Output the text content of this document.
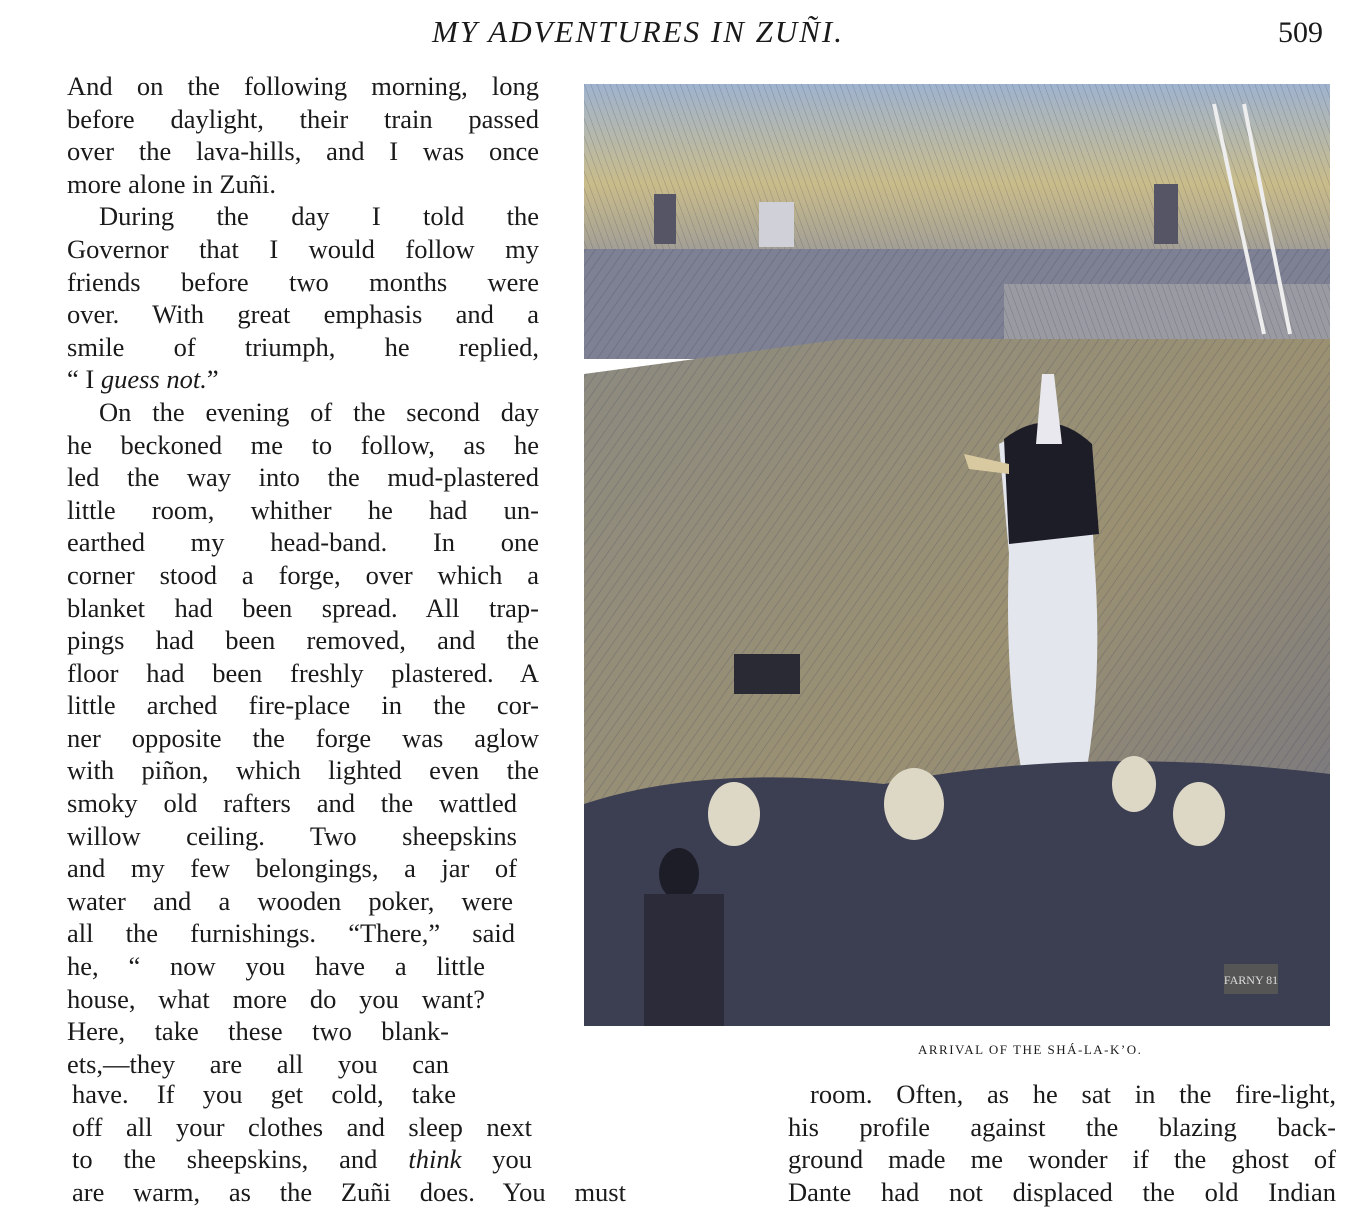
MY ADVENTURES IN ZUÑI.	509

And on the following morning, long
before daylight, their train passed
over the lava-hills, and I was once
more alone in Zuñi.

During the day I told the
Governor that I would follow my
friends before two months were
over. With great emphasis and a
smile of triumph, he replied,
“ I guess not.”

On the evening of the second day
he beckoned me to follow, as he
led the way into the mud-plastered
little room, whither he had un-
earthed my head-band. In one
corner stood a forge, over which a
blanket had been spread. All trap-
pings had been removed, and the
floor had been freshly plastered. A
little arched fire-place in the cor-
ner opposite the forge was aglow
with piñon, which lighted even the
smoky old rafters and the wattled
willow ceiling. Two sheepskins
and my few belongings, a jar of
water and a wooden poker, were
all the furnishings. “There,” said
he, “ now you have a little
house, what more do you want?
Here, take these two blank-
ets,—they are all you can

have. If you get cold, take
off all your clothes and sleep next
to the sheepskins, and think you
are warm, as the Zuñi does. You must
FARNY 81
ARRIVAL OF THE SHÁ-LA-K’O.
room. Often, as he sat in the fire-light,
his profile against the blazing back-
ground made me wonder if the ghost of
Dante had not displaced the old Indian
